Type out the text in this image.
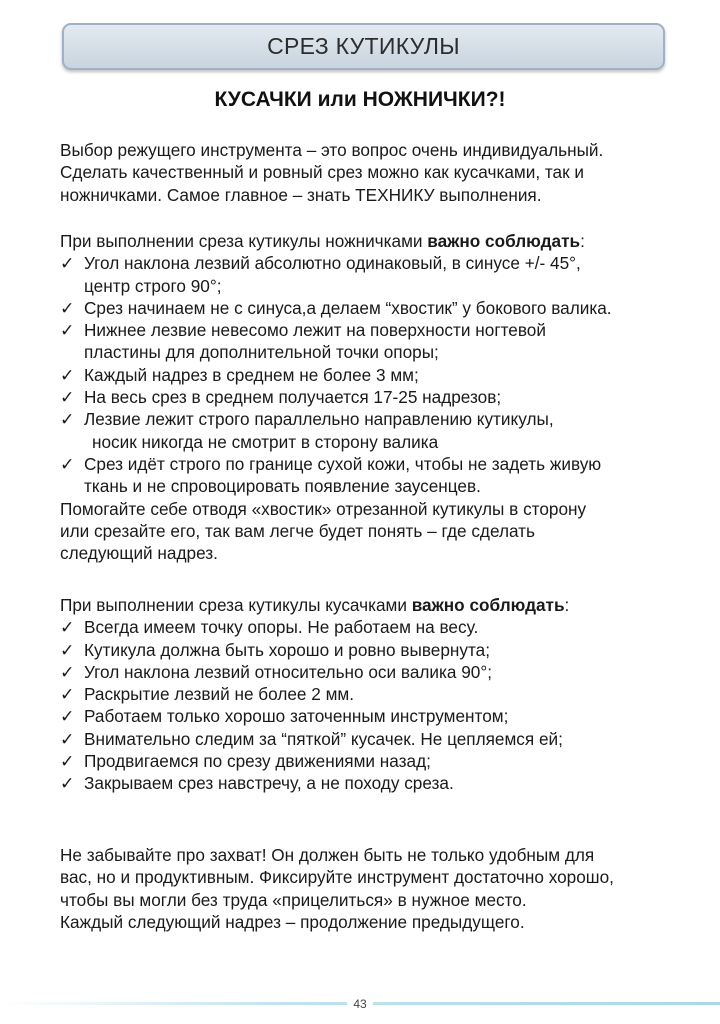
СРЕЗ КУТИКУЛЫ
КУСАЧКИ или НОЖНИЧКИ?!
Выбор режущего инструмента – это вопрос очень индивидуальный.
Сделать качественный и ровный срез можно как кусачками, так и
ножничками. Самое главное – знать ТЕХНИКУ выполнения.
При выполнении среза кутикулы ножничками важно соблюдать:
✓ Угол наклона лезвий абсолютно одинаковый, в синусе +/- 45°,
центр строго 90°;
✓ Срез начинаем не с синуса,а делаем “хвостик” у бокового валика.
✓ Нижнее лезвие невесомо лежит на поверхности ногтевой
пластины для дополнительной точки опоры;
✓ Каждый надрез в среднем не более 3 мм;
✓ На весь срез в среднем получается 17-25 надрезов;
✓ Лезвие лежит строго параллельно направлению кутикулы,
носик никогда не смотрит в сторону валика
✓ Срез идёт строго по границе сухой кожи, чтобы не задеть живую
ткань и не спровоцировать появление заусенцев.
Помогайте себе отводя «хвостик» отрезанной кутикулы в сторону
или срезайте его, так вам легче будет понять – где сделать
следующий надрез.
При выполнении среза кутикулы кусачками важно соблюдать:
✓ Всегда имеем точку опоры. Не работаем на весу.
✓ Кутикула должна быть хорошо и ровно вывернута;
✓ Угол наклона лезвий относительно оси валика 90°;
✓ Раскрытие лезвий не более 2 мм.
✓ Работаем только хорошо заточенным инструментом;
✓ Внимательно следим за “пяткой” кусачек. Не цепляемся ей;
✓ Продвигаемся по срезу движениями назад;
✓ Закрываем срез навстречу, а не походу среза.
Не забывайте про захват! Он должен быть не только удобным для
вас, но и продуктивным. Фиксируйте инструмент достаточно хорошо,
чтобы вы могли без труда «прицелиться» в нужное место.
Каждый следующий надрез – продолжение предыдущего.
43
